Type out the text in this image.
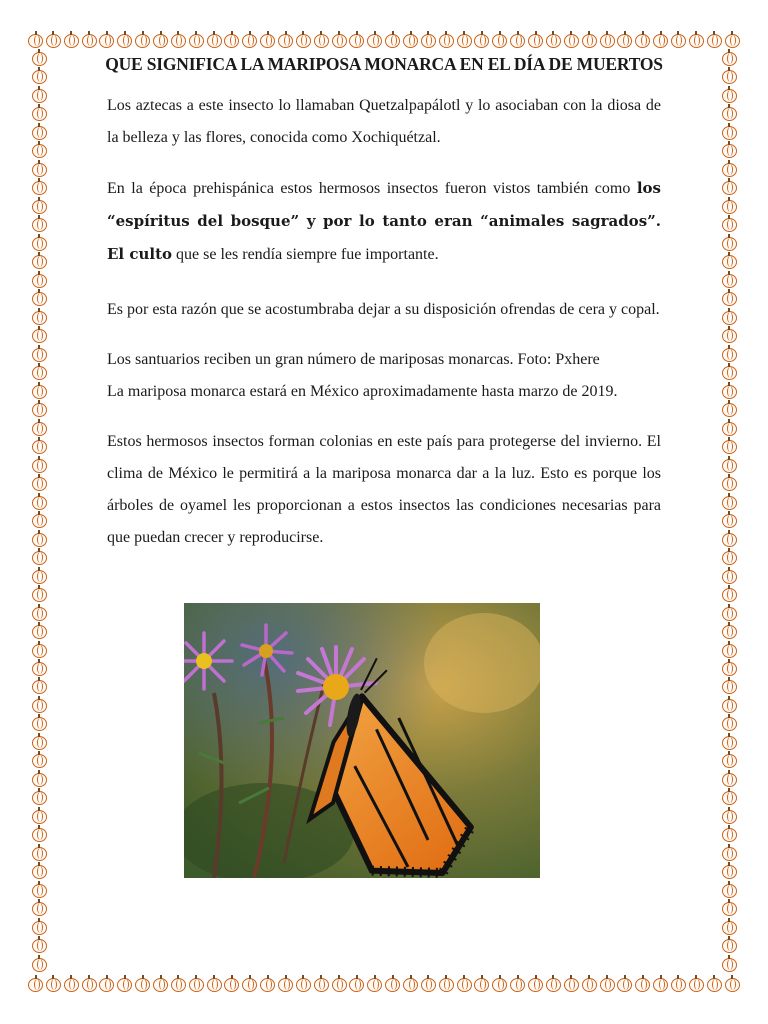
QUE SIGNIFICA LA MARIPOSA MONARCA EN EL DÍA DE MUERTOS
Los aztecas a este insecto lo llamaban Quetzalpapálotl y lo asociaban con la diosa de la belleza y las flores, conocida como Xochiquétzal.
En la época prehispánica estos hermosos insectos fueron vistos también como los “espíritus del bosque” y por lo tanto eran “animales sagrados”. El culto que se les rendía siempre fue importante.
Es por esta razón que se acostumbraba dejar a su disposición ofrendas de cera y copal.
Los santuarios reciben un gran número de mariposas monarcas. Foto: Pxhere
La mariposa monarca estará en México aproximadamente hasta marzo de 2019.
Estos hermosos insectos forman colonias en este país para protegerse del invierno. El clima de México le permitirá a la mariposa monarca dar a la luz. Esto es porque los árboles de oyamel les proporcionan a estos insectos las condiciones necesarias para que puedan crecer y reproducirse.
